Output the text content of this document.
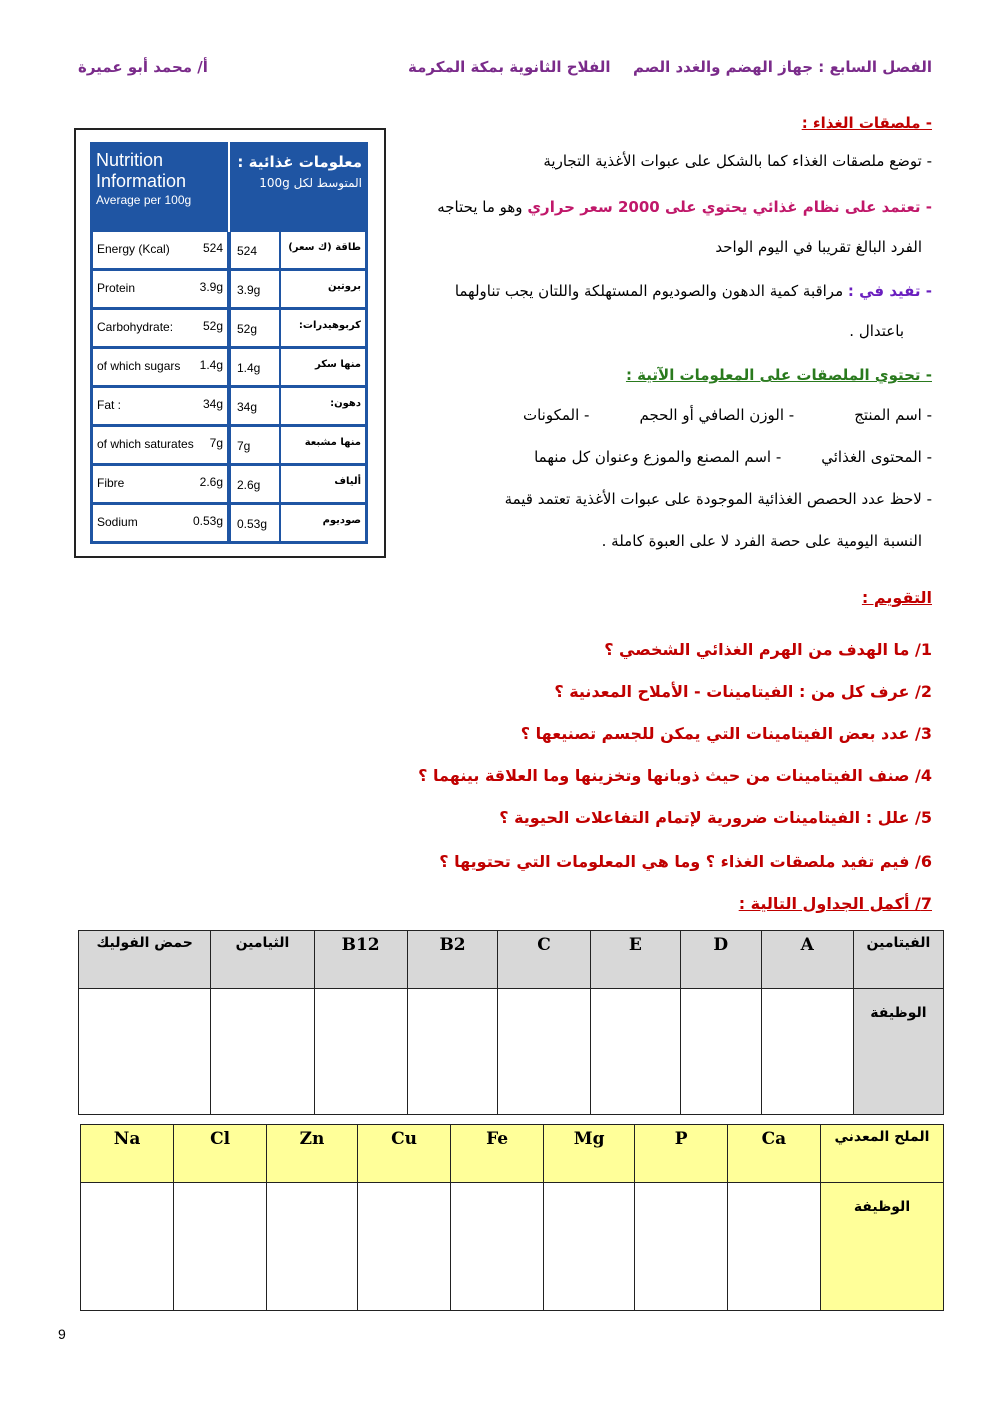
الفصل السابع : جهاز الهضم والغدد الصم
الفلاح الثانوية بمكة المكرمة
أ/ محمد أبو عميرة
Nutrition
Information
Average per 100g
معلومات غذائية :
المتوسط لكل 100g
Energy (Kcal)	524 524	طاقة (ك سعر)
Protein	3.9g 3.9g	بروتين
Carbohydrate: 52g 52g	كربوهيدرات:
of which sugars 1.4g 1.4g	منها سكر
Fat :	34g 34g	دهون:
of which saturates 7g 7g	منها مشبعة
Fibre	2.6g 2.6g	ألياف
Sodium	0.53g 0.53g	صوديوم
- ملصقات الغذاء :
- توضع ملصقات الغذاء كما بالشكل على عبوات الأغذية التجارية
- تعتمد على نظام غذائي يحتوي على 2000 سعر حراري وهو ما يحتاجه
الفرد البالغ تقريبا في اليوم الواحد
- تفيد في : مراقبة كمية الدهون والصوديوم المستهلكة واللتان يجب تناولهما
باعتدال .
- تحتوي الملصقات على المعلومات الآتية :
- اسم المنتج- الوزن الصافي أو الحجم- المكونات
- المحتوى الغذائي- اسم المصنع والموزع وعنوان كل منهما
- لاحظ عدد الحصص الغذائية الموجودة على عبوات الأغذية تعتمد قيمة
النسبة اليومية على حصة الفرد لا على العبوة كاملة .
التقويم :
1/ ما الهدف من الهرم الغذائي الشخصي ؟
2/ عرف كل من : الفيتامينات - الأملاح المعدنية ؟
3/ عدد بعض الفيتامينات التي يمكن للجسم تصنيعها ؟
4/ صنف الفيتامينات من حيث ذوبانها وتخزينها وما العلاقة بينهما ؟
5/ علل : الفيتامينات ضرورية لإتمام التفاعلات الحيوية ؟
6/ فيم تفيد ملصقات الغذاء ؟ وما هي المعلومات التي تحتويها ؟
7/ أكمل الجداول التالية :
الفيتامين	A	D	E	C	B2	B12	الثيامين	حمض الفوليك
الوظيفة								
الملح المعدني	Ca	P	Mg	Fe	Cu	Zn	Cl	Na
الوظيفة								
9
